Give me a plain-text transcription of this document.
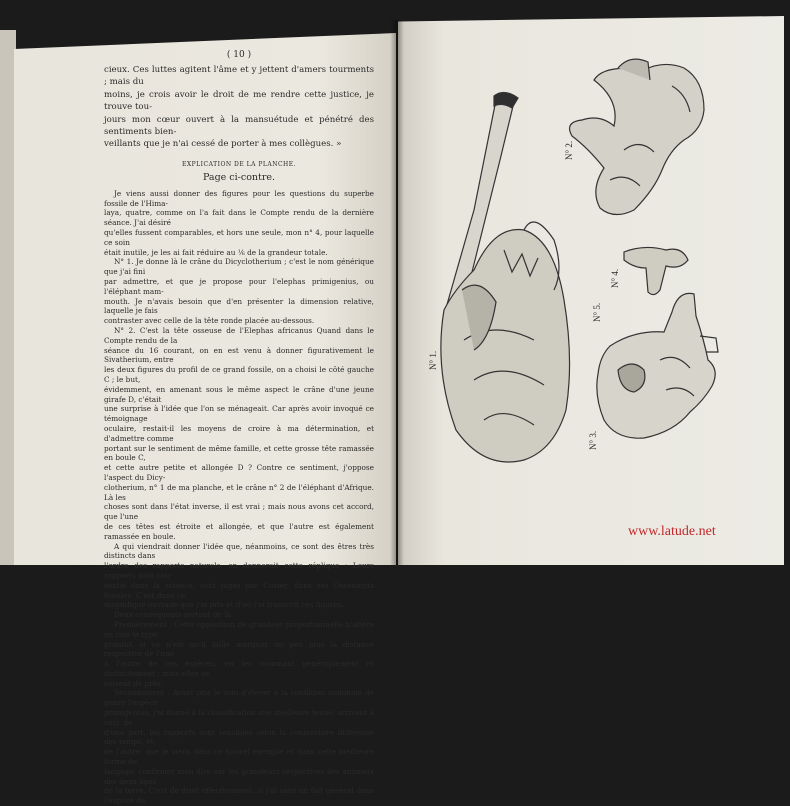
( 10 )

cieux. Ces luttes agitent l'âme et y jettent d'amers tourments ; mais du

moins, je crois avoir le droit de me rendre cette justice, je trouve tou-

jours mon cœur ouvert à la mansuétude et pénétré des sentiments bien-

veillants que je n'ai cessé de porter à mes collègues. »

EXPLICATION DE LA PLANCHE.

Page ci-contre.

Je viens aussi donner des figures pour les questions du superbe fossile de l'Hima-

laya, quatre, comme on l'a fait dans le Compte rendu de la dernière séance. J'ai désiré

qu'elles fussent comparables, et hors une seule, mon n° 4, pour laquelle ce soin

était inutile, je les ai fait réduire au ⅙ de la grandeur totale.

N° 1. Je donne là le crâne du Dicyclotherium ; c'est le nom générique que j'ai fini

par admettre, et que je propose pour l'elephas primigenius, ou l'éléphant mam-

mouth. Je n'avais besoin que d'en présenter la dimension relative, laquelle je fais

contraster avec celle de la tête ronde placée au-dessous.

N° 2. C'est la tête osseuse de l'Elephas africanus Quand dans le Compte rendu de la

séance du 16 courant, on en est venu à donner figurativement le Sivatherium, entre

les deux figures du profil de ce grand fossile, on a choisi le côté gauche C ; le but,

évidemment, en amenant sous le même aspect le crâne d'une jeune girafe D, c'était

une surprise à l'idée que l'on se ménageait. Car après avoir invoqué ce témoignage

oculaire, restait-il les moyens de croire à ma détermination, et d'admettre comme

portant sur le sentiment de même famille, et cette grosse tête ramassée en boule C,

et cette autre petite et allongée D ? Contre ce sentiment, j'oppose l'aspect du Dicy-

clotherium, n° 1 de ma planche, et le crâne n° 2 de l'éléphant d'Afrique. Là les

choses sont dans l'état inverse, il est vrai ; mais nous avons cet accord, que l'une

de ces têtes est étroite et allongée, et que l'autre est également ramassée en boule.

A qui viendrait donner l'idée que, néanmoins, ce sont des êtres très distincts dans

l'ordre des rapports naturels, on donnerait cette réplique : Leurs rapports sont con-

sentis dans la science, sont jugés par Cuvier, dans ses Ossements fossiles. C'est dans ce

magnifique ouvrage que j'ai pris et d'où j'ai transcrit ces figures.

Deux conséquents sortent de là :

Premièrement : Cette opposition de grandeur proportionnelle n'altère en rien le type

primitif, si ce n'est qu'il fallle marquer un peu plus la distance respective de l'une

à l'autre de ces espèces, en les nommant génériquement et distinctement ; mais elles se

suivent de près.

Secondement : Ayant pris le soin d'élever à la condition nominale de genre l'espèce

primigenius, j'ai donné à la classification une meilleure tenue, arrivant à ceci, de

d'une part, les rapports sont sensibles selon la conjoncture différente des temps, et,

de l'autre, que je viens dans ce nouvel exemple et dans cette meilleure forme de

langage, confirmer mon dire sur les grandeurs respectives des animaux des deux âges

de la terre. C'est de droit effectivement, si j'ai saisi un fait général dans l'exposé de

N° 1.
N° 2.
N° 3.
N° 4.
N° 5.
www.latude.net
